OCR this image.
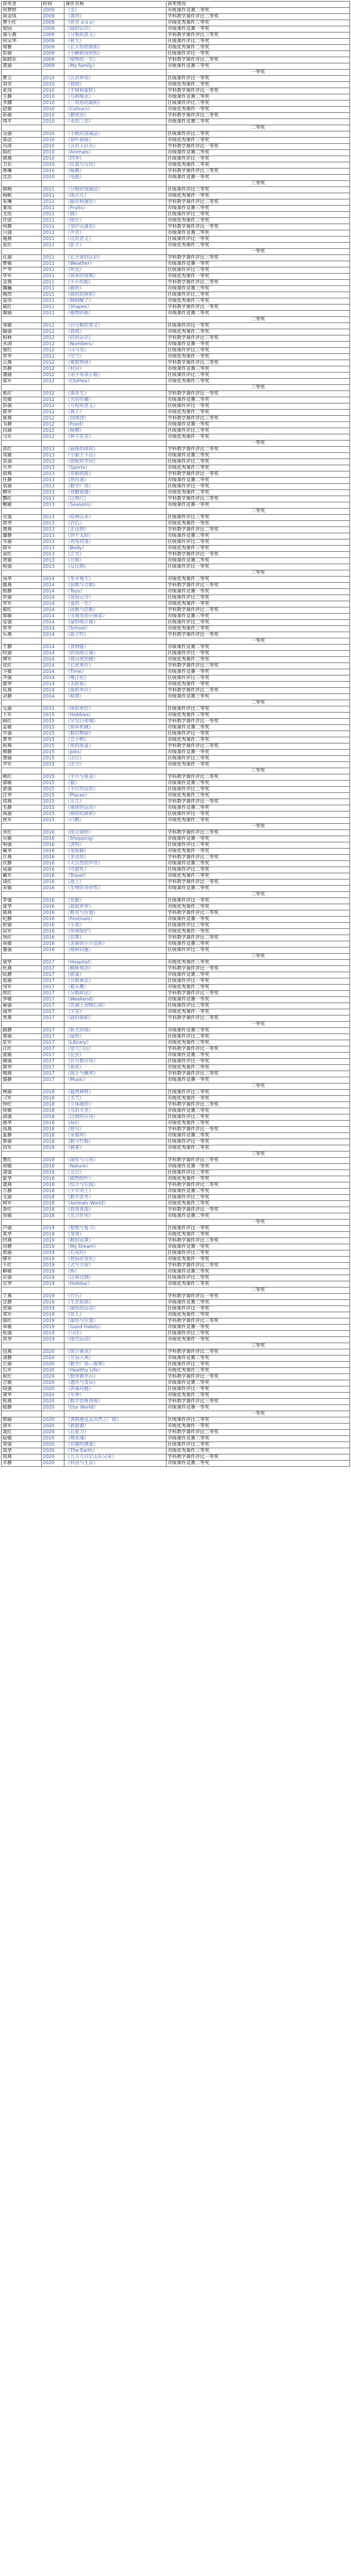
获奖者	时间	课件名称	获奖情况
何梦婷	2009	《雪》	市级课件竞赛二等奖
胡金凤	2009	《黄河》	学科教学课件评比二等奖
曹小红	2009	《拼音 ɑ o e》	市级优秀课件三等奖
梁园	2009	《圆的认识》	市级课件竞赛一等奖
骆小燕	2009	《分数的意义》	学科教学课件评比三等奖
何吴华	2009	《秋天》	区级课件评比二等奖
周雅	2009	《长方形的面积》	市级优秀课件二等奖
彭丽	2009	《小蝌蚪找妈妈》	区级课件评比一等奖
陈晓东	2009	《植物的一生》	学科教学课件评比二等奖
黄丽	2009	《My family》	市级课件竞赛三等奖
			一等奖
曹立	2010	《认识钟表》	区级课件评比一等奖
刘芳	2010	《春晓》	市级优秀课件二等奖
张伟	2010	《平移和旋转》	学科教学课件评比一等奖
王静	2010	《乌鸦喝水》	市级课件竞赛二等奖
李娜	2010	《三角形的面积》	区级课件评比三等奖
赵敏	2010	《Colours》	市级优秀课件一等奖
孙丽	2010	《静夜思》	学科教学课件评比二等奖
周平	2010	《水的三态》	市级课件竞赛三等奖
			二等奖
吴强	2010	《小数的加减法》	区级课件评比二等奖
郑洁	2010	《荷叶圆圆》	市级优秀课件三等奖
冯涛	2010	《认识人民币》	学科教学课件评比一等奖
陈红	2010	《Animals》	市级课件竞赛二等奖
褚燕	2010	《四季》	区级课件评比一等奖
卫东	2010	《位置与方向》	市级优秀课件二等奖
蒋琳	2010	《咏鹅》	学科教学课件评比三等奖
沈浩	2010	《电路》	市级课件竞赛一等奖
			三等奖
韩梅	2011	《分数的加减法》	区级课件评比三等奖
杨帆	2011	《雨点儿》	市级优秀课件一等奖
朱琳	2011	《轴对称图形》	学科教学课件评比二等奖
秦岚	2011	《Fruits》	市级课件竞赛三等奖
尤佳	2011	《画》	区级课件评比二等奖
许诺	2011	《统计》	市级优秀课件三等奖
何静	2011	《望庐山瀑布》	学科教学课件评比一等奖
吕强	2011	《声音》	市级课件竞赛二等奖
施燕	2011	《比的意义》	区级课件评比一等奖
张红	2011	《影子》	市级优秀课件二等奖
			一等奖
孔丽	2011	《长方体的认识》	学科教学课件评比三等奖
曹敏	2011	《Weather》	市级课件竞赛一等奖
严华	2011	《所见》	区级课件评比三等奖
华军	2011	《简单的周期》	市级优秀课件一等奖
金燕	2011	《小小的船》	学科教学课件评比二等奖
魏巍	2011	《磁铁》	市级课件竞赛三等奖
陶然	2011	《圆柱的体积》	区级课件评比二等奖
姜伟	2011	《柳树醒了》	市级优秀课件三等奖
戚红	2011	《Shapes》	学科教学课件评比一等奖
谢丽	2011	《植物的根》	市级课件竞赛二等奖
			二等奖
邹敏	2012	《百分数的意义》	区级课件评比一等奖
喻强	2012	《春雨》	市级优秀课件二等奖
柏林	2012	《倍的认识》	学科教学课件评比三等奖
水清	2012	《Numbers》	市级课件竞赛一等奖
窦红	2012	《司马光》	区级课件评比三等奖
章华	2012	《空气》	市级优秀课件一等奖
云燕	2012	《观察物体》	学科教学课件评比二等奖
苏静	2012	《村居》	市级课件竞赛三等奖
潘丽	2012	《用字母表示数》	区级课件评比二等奖
葛军	2012	《Clothes》	市级优秀课件三等奖
			三等奖
奚红	2012	《落花生》	学科教学课件评比一等奖
范敏	2012	《光的传播》	市级课件竞赛二等奖
彭强	2012	《方程的意义》	区级课件评比一等奖
郎华	2012	《燕子》	市级优秀课件二等奖
鲁燕	2012	《找规律》	学科教学课件评比三等奖
韦静	2012	《Food》	市级课件竞赛一等奖
昌丽	2012	《咏柳》	区级课件评比三等奖
马军	2012	《种子发芽》	市级优秀课件一等奖
			一等奖
苗红	2013	《圆锥的体积》	学科教学课件评比二等奖
凤敏	2013	《小猴子下山》	市级课件竞赛三等奖
花强	2013	《搭配的学问》	区级课件评比二等奖
方华	2013	《Sports》	市级优秀课件三等奖
俞燕	2013	《草船借箭》	学科教学课件评比一等奖
任静	2013	《热传递》	市级课件竞赛二等奖
袁丽	2013	《数学广角》	区级课件评比一等奖
柳军	2013	《登鹳雀楼》	市级优秀课件二等奖
酆红	2013	《比例尺》	学科教学课件评比三等奖
鲍敏	2013	《Seasons》	市级课件竞赛一等奖
			二等奖
史强	2013	《桂林山水》	区级课件评比三等奖
唐华	2013	《岩石》	市级优秀课件一等奖
费燕	2013	《正比例》	学科教学课件评比二等奖
廉静	2013	《四个太阳》	市级课件竞赛三等奖
岑丽	2013	《鸡兔同笼》	区级课件评比二等奖
薛军	2013	《Body》	市级优秀课件三等奖
雷红	2013	《江雪》	学科教学课件评比一等奖
贺敏	2013	《月相》	市级课件竞赛二等奖
倪强	2013	《反比例》	区级课件评比一等奖
			三等奖
汤华	2014	《坐井观天》	市级优秀课件二等奖
滕燕	2014	《质数与合数》	学科教学课件评比三等奖
殷静	2014	《Toys》	市级课件竞赛一等奖
罗丽	2014	《夜宿山寺》	区级课件评比三等奖
毕军	2014	《蚕的一生》	市级优秀课件一等奖
郝红	2014	《因数与倍数》	学科教学课件评比二等奖
邬敏	2014	《雪地里的小画家》	市级课件竞赛三等奖
安强	2014	《扇形统计图》	区级课件评比二等奖
常华	2014	《School》	市级优秀课件三等奖
乐燕	2014	《游子吟》	学科教学课件评比一等奖
			一等奖
于静	2014	《食物链》	市级课件竞赛二等奖
时丽	2014	《折线统计图》	区级课件评比一等奖
傅军	2014	《爬山虎的脚》	市级优秀课件二等奖
皮红	2014	《长度单位》	学科教学课件评比三等奖
卞敏	2014	《Time》	市级课件竞赛一等奖
齐强	2014	《赠汪伦》	区级课件评比三等奖
康华	2014	《太阳系》	市级优秀课件一等奖
伍燕	2014	《面积单位》	学科教学课件评比二等奖
余静	2014	《称赞》	市级课件竞赛三等奖
			二等奖
元丽	2015	《体积单位》	区级课件评比二等奖
卜军	2015	《Hobbies》	市级优秀课件三等奖
顾红	2015	《早发白帝城》	学科教学课件评比一等奖
孟敏	2015	《简单机械》	市级课件竞赛二等奖
平强	2015	《数的整除》	区级课件评比一等奖
黄华	2015	《丑小鸭》	市级优秀课件二等奖
和燕	2015	《角的度量》	学科教学课件评比三等奖
穆静	2015	《Jobs》	市级课件竞赛一等奖
萧丽	2015	《山行》	区级课件评比三等奖
尹军	2015	《浮力》	市级优秀课件一等奖
			三等奖
姚红	2015	《平行与垂直》	学科教学课件评比二等奖
邵敏	2015	《猫》	市级课件竞赛三等奖
湛强	2015	《平行四边形》	区级课件评比二等奖
汪华	2015	《Places》	市级优秀课件三等奖
祁燕	2015	《示儿》	学科教学课件评比一等奖
毛静	2015	《地球的运动》	市级课件竞赛二等奖
禹丽	2015	《梯形的面积》	区级课件评比一等奖
狄军	2015	《白鹅》	市级优秀课件二等奖
			一等奖
米红	2016	《组合图形》	学科教学课件评比三等奖
贝敏	2016	《Shopping》	市级课件竞赛一等奖
明强	2016	《清明》	区级课件评比三等奖
臧华	2016	《电和磁》	市级优秀课件一等奖
计燕	2016	《多边形》	学科教学课件评比二等奖
伏静	2016	《大自然的声音》	市级课件竞赛三等奖
成丽	2016	《可能性》	区级课件评比二等奖
戴军	2016	《Travel》	市级优秀课件三等奖
谈红	2016	《池上》	学科教学课件评比一等奖
宋敏	2016	《生物的多样性》	市级课件竞赛二等奖
			二等奖
茅强	2016	《负数》	区级课件评比一等奖
庞华	2016	《海底世界》	市级优秀课件二等奖
熊燕	2016	《数对与位置》	学科教学课件评比三等奖
纪静	2016	《Festivals》	市级课件竞赛一等奖
舒丽	2016	《小池》	区级课件评比三等奖
屈军	2016	《环境保护》	市级优秀课件一等奖
项红	2016	《估算》	学科教学课件评比二等奖
祝敏	2016	《美丽的小兴安岭》	市级课件竞赛三等奖
董强	2016	《植树问题》	区级课件评比二等奖
			三等奖
梁华	2017	《Hospital》	市级优秀课件三等奖
杜燕	2017	《枫桥夜泊》	学科教学课件评比一等奖
阮静	2017	《能量》	市级课件竞赛二等奖
蓝丽	2017	《分数乘法》	区级课件评比一等奖
闵军	2017	《猫头鹰》	市级优秀课件二等奖
席红	2017	《分数除法》	学科教学课件评比三等奖
季敏	2017	《Weekend》	市级课件竞赛一等奖
麻强	2017	《饮湖上初晴后雨》	区级课件评比三等奖
强华	2017	《宇宙》	市级优秀课件一等奖
贾燕	2017	《圆的面积》	学科教学课件评比二等奖
			一等奖
路静	2017	《秋天的雨》	市级课件竞赛三等奖
娄丽	2017	《扇形》	区级课件评比二等奖
危军	2017	《Library》	市级优秀课件三等奖
江红	2017	《望天门山》	学科教学课件评比一等奖
童敏	2017	《昆虫》	市级课件竞赛二等奖
颜强	2017	《百分数应用》	区级课件评比一等奖
郭华	2017	《荷花》	市级优秀课件二等奖
梅燕	2017	《统计与概率》	学科教学课件评比三等奖
盛静	2017	《Music》	市级课件竞赛一等奖
			二等奖
林丽	2018	《题西林壁》	区级课件评比三等奖
刁军	2018	《天气》	市级优秀课件一等奖
钟红	2018	《立体图形》	学科教学课件评比二等奖
徐敏	2018	《鸟的天堂》	市级课件竞赛三等奖
邱强	2018	《比例的应用》	区级课件评比二等奖
骆华	2018	《Art》	市级优秀课件三等奖
高燕	2018	《绝句》	学科教学课件评比一等奖
夏静	2018	《水循环》	市级课件竞赛二等奖
蔡丽	2018	《数与代数》	区级课件评比一等奖
田军	2018	《麻雀》	市级优秀课件二等奖
			三等奖
樊红	2018	《图形与几何》	学科教学课件评比三等奖
胡敏	2018	《Nature》	市级课件竞赛一等奖
凌强	2018	《元日》	区级课件评比三等奖
霍华	2018	《植物的叶》	市级优秀课件一等奖
虞燕	2018	《综合与实践》	学科教学课件评比二等奖
万静	2018	《少年闰土》	市级课件竞赛三等奖
支丽	2018	《数学思考》	区级课件评比二等奖
柯军	2018	《Animals World》	市级优秀课件三等奖
昝红	2018	《春夜喜雨》	学科教学课件评比一等奖
管敏	2018	《光合作用》	市级课件竞赛二等奖
			一等奖
卢强	2019	《整理与复习》	区级课件评比一等奖
莫华	2019	《匆匆》	市级优秀课件二等奖
经燕	2019	《数的运算》	学科教学课件评比三等奖
房静	2019	《My Dream》	市级课件竞赛一等奖
裘丽	2019	《石灰吟》	区级课件评比三等奖
缪军	2019	《物质的变化》	市级优秀课件一等奖
干红	2019	《式与方程》	学科教学课件评比二等奖
解敏	2019	《桥》	市级课件竞赛三等奖
应强	2019	《比和比例》	区级课件评比二等奖
宗华	2019	《Holiday》	市级优秀课件三等奖
			二等奖
丁燕	2019	《竹石》	学科教学课件评比一等奖
宣静	2019	《生态系统》	市级课件竞赛二等奖
贲丽	2019	《图形的运动》	区级课件评比一等奖
邓军	2019	《穷人》	市级优秀课件二等奖
郁红	2019	《图形与位置》	学科教学课件评比三等奖
单敏	2019	《Good Habits》	市级课件竞赛一等奖
杭强	2019	《马诗》	区级课件评比三等奖
洪华	2019	《地壳运动》	市级优秀课件一等奖
			三等奖
包燕	2020	《统计图表》	学科教学课件评比二等奖
诸静	2020	《开国大典》	市级课件竞赛三等奖
左丽	2020	《数学广角—推理》	区级课件评比二等奖
石军	2020	《Healthy Life》	市级优秀课件三等奖
崔红	2020	《独坐敬亭山》	学科教学课件评比一等奖
吉敏	2020	《遗传与变异》	市级课件竞赛二等奖
钮强	2020	《鸽巢问题》	区级课件评比一等奖
龚华	2020	《军神》	市级优秀课件二等奖
程燕	2020	《数学思维训练》	学科教学课件评比三等奖
嵇静	2020	《Our World》	市级课件竞赛一等奖
			一等奖
邢丽	2020	《黄鹤楼送孟浩然之广陵》	区级课件评比三等奖
滑军	2020	《新能源》	市级优秀课件一等奖
裴红	2020	《总复习》	学科教学课件评比二等奖
陆敏	2020	《梅花魂》	市级课件竞赛三等奖
荣强	2020	《有趣的测量》	区级课件评比二等奖
翁华	2020	《The Earth》	市级优秀课件三等奖
荀燕	2020	《九月九日忆山东兄弟》	学科教学课件评比一等奖
羊静	2020	《科技与生活》	市级课件竞赛二等奖
